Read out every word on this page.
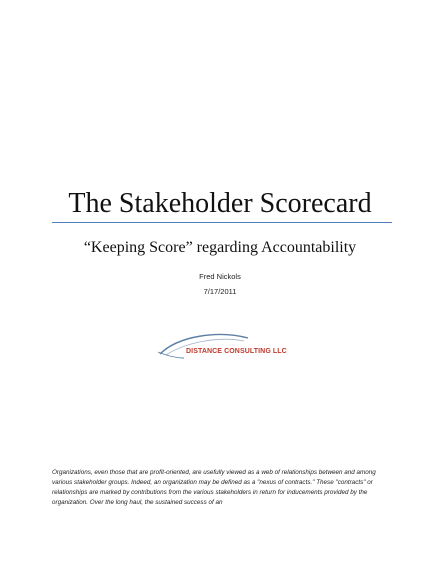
The Stakeholder Scorecard
“Keeping Score” regarding Accountability
Fred Nickols
7/17/2011
DISTANCE CONSULTING LLC

Organizations, even those that are profit-oriented, are usefully viewed as a web of relationships between and among various stakeholder groups. Indeed, an organization may be defined as a "nexus of contracts." These "contracts" or relationships are marked by contributions from the various stakeholders in return for inducements provided by the organization. Over the long haul, the sustained success of an
